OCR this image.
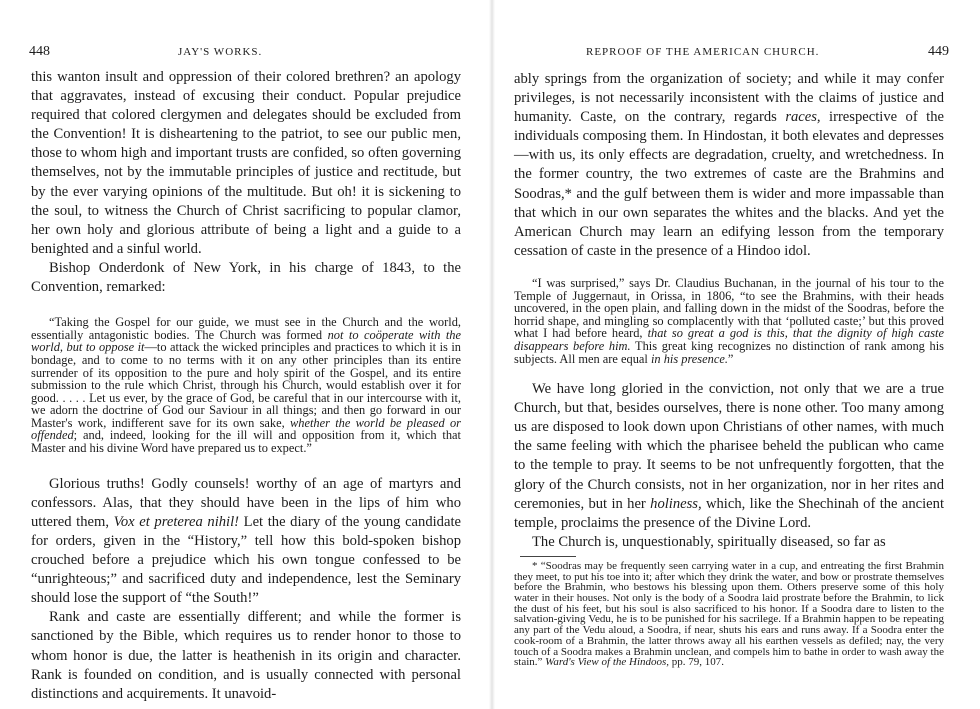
448	JAY'S WORKS.

this wanton insult and oppression of their colored brethren? an apology that aggravates, instead of excusing their conduct. Popular prejudice required that colored clergymen and delegates should be excluded from the Convention! It is disheartening to the patriot, to see our public men, those to whom high and important trusts are confided, so often governing themselves, not by the immutable principles of justice and rectitude, but by the ever varying opinions of the multitude. But oh! it is sickening to the soul, to witness the Church of Christ sacrificing to popular clamor, her own holy and glorious attribute of being a light and a guide to a benighted and a sinful world.

Bishop Onderdonk of New York, in his charge of 1843, to the Convention, remarked:

“Taking the Gospel for our guide, we must see in the Church and the world, essentially antagonistic bodies. The Church was formed not to coöperate with the world, but to oppose it—to attack the wicked principles and practices to which it is in bondage, and to come to no terms with it on any other principles than its entire surrender of its opposition to the pure and holy spirit of the Gospel, and its entire submission to the rule which Christ, through his Church, would establish over it for good. . . . . Let us ever, by the grace of God, be careful that in our intercourse with it, we adorn the doctrine of God our Saviour in all things; and then go forward in our Master's work, indifferent save for its own sake, whether the world be pleased or offended; and, indeed, looking for the ill will and opposition from it, which that Master and his divine Word have prepared us to expect.”

Glorious truths! Godly counsels! worthy of an age of martyrs and confessors. Alas, that they should have been in the lips of him who uttered them, Vox et preterea nihil! Let the diary of the young candidate for orders, given in the “History,” tell how this bold-spoken bishop crouched before a prejudice which his own tongue confessed to be “unrighteous;” and sacrificed duty and independence, lest the Seminary should lose the support of “the South!”

Rank and caste are essentially different; and while the former is sanctioned by the Bible, which requires us to render honor to those to whom honor is due, the latter is heathenish in its origin and character. Rank is founded on condition, and is usually connected with personal distinctions and acquirements. It unavoid-

REPROOF OF THE AMERICAN CHURCH.	449

ably springs from the organization of society; and while it may confer privileges, is not necessarily inconsistent with the claims of justice and humanity. Caste, on the contrary, regards races, irrespective of the individuals composing them. In Hindostan, it both elevates and depresses—with us, its only effects are degradation, cruelty, and wretchedness. In the former country, the two extremes of caste are the Brahmins and Soodras,* and the gulf between them is wider and more impassable than that which in our own separates the whites and the blacks. And yet the American Church may learn an edifying lesson from the temporary cessation of caste in the presence of a Hindoo idol.

“I was surprised,” says Dr. Claudius Buchanan, in the journal of his tour to the Temple of Juggernaut, in Orissa, in 1806, “to see the Brahmins, with their heads uncovered, in the open plain, and falling down in the midst of the Soodras, before the horrid shape, and mingling so complacently with that ‘polluted caste;’ but this proved what I had before heard, that so great a god is this, that the dignity of high caste disappears before him. This great king recognizes no distinction of rank among his subjects. All men are equal in his presence.”

We have long gloried in the conviction, not only that we are a true Church, but that, besides ourselves, there is none other. Too many among us are disposed to look down upon Christians of other names, with much the same feeling with which the pharisee beheld the publican who came to the temple to pray. It seems to be not unfrequently forgotten, that the glory of the Church consists, not in her organization, nor in her rites and ceremonies, but in her holiness, which, like the Shechinah of the ancient temple, proclaims the presence of the Divine Lord.

The Church is, unquestionably, spiritually diseased, so far as

* “Soodras may be frequently seen carrying water in a cup, and entreating the first Brahmin they meet, to put his toe into it; after which they drink the water, and bow or prostrate themselves before the Brahmin, who bestows his blessing upon them. Others preserve some of this holy water in their houses. Not only is the body of a Soodra laid prostrate before the Brahmin, to lick the dust of his feet, but his soul is also sacrificed to his honor. If a Soodra dare to listen to the salvation-giving Vedu, he is to be punished for his sacrilege. If a Brahmin happen to be repeating any part of the Vedu aloud, a Soodra, if near, shuts his ears and runs away. If a Soodra enter the cook-room of a Brahmin, the latter throws away all his earthen vessels as defiled; nay, the very touch of a Soodra makes a Brahmin unclean, and compels him to bathe in order to wash away the stain.” Ward's View of the Hindoos, pp. 79, 107.
